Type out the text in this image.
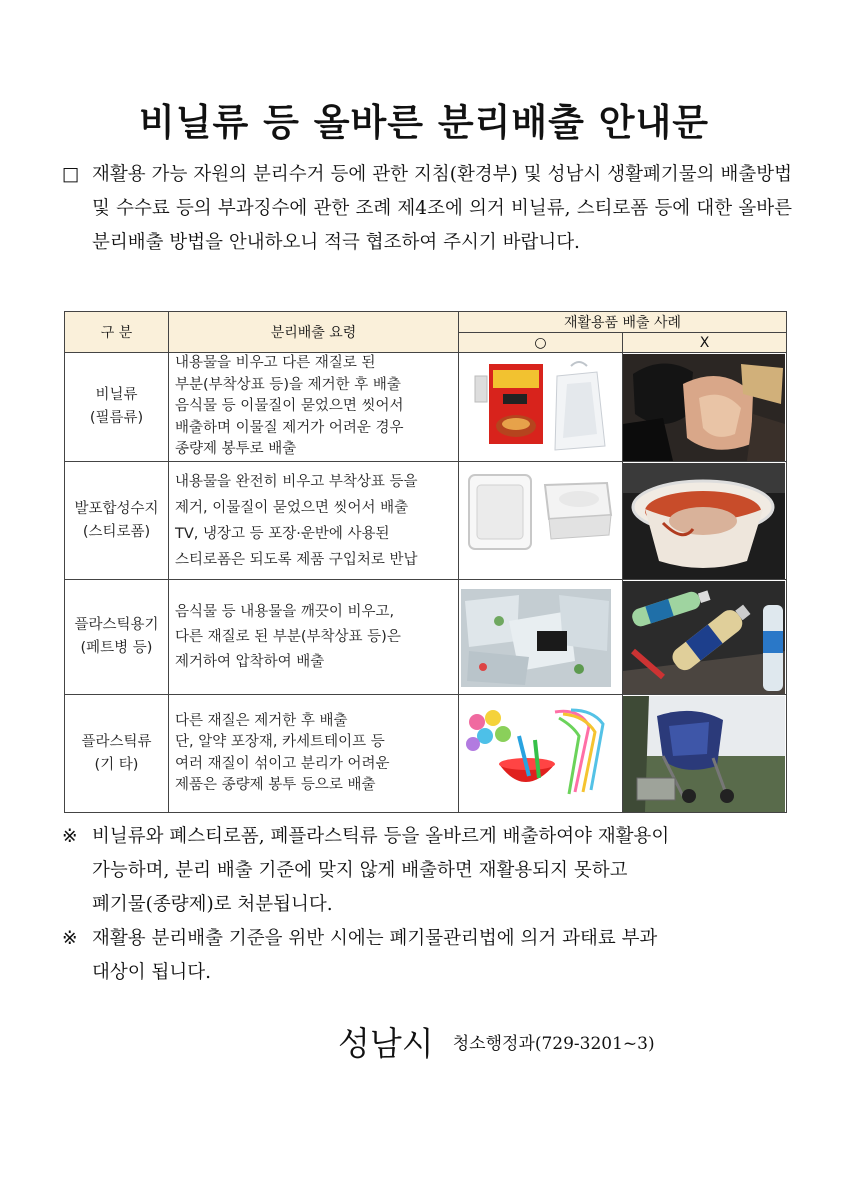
비닐류 등 올바른 분리배출 안내문
□ 재활용 가능 자원의 분리수거 등에 관한 지침(환경부) 및 성남시 생활폐기물의 배출방법 및 수수료 등의 부과징수에 관한 조례 제4조에 의거 비닐류, 스티로폼 등에 대한 올바른 분리배출 방법을 안내하오니 적극 협조하여 주시기 바랍니다.
구 분	분리배출 요령	재활용품 배출 사례	
		○	X

비닐류
(필름류)	내용물을 비우고 다른 재질로 된
부분(부착상표 등)을 제거한 후 배출
음식물 등 이물질이 묻었으면 씻어서
배출하며 이물질 제거가 어려운 경우
종량제 봉투로 배출

발포합성수지
(스티로폼)	내용물을 완전히 비우고 부착상표 등을
제거, 이물질이 묻었으면 씻어서 배출
TV, 냉장고 등 포장·운반에 사용된
스티로폼은 되도록 제품 구입처로 반납

플라스틱용기
(페트병 등)	음식물 등 내용물을 깨끗이 비우고,
다른 재질로 된 부분(부착상표 등)은
제거하여 압착하여 배출

플라스틱류
(기 타)	다른 재질은 제거한 후 배출
단, 알약 포장재, 카세트테이프 등
여러 재질이 섞이고 분리가 어려운
제품은 종량제 봉투 등으로 배출

※ 비닐류와 폐스티로폼, 폐플라스틱류 등을 올바르게 배출하여야 재활용이
가능하며, 분리 배출 기준에 맞지 않게 배출하면 재활용되지 못하고
폐기물(종량제)로 처분됩니다.
※ 재활용 분리배출 기준을 위반 시에는 폐기물관리법에 의거 과태료 부과
대상이 됩니다.
성남시 청소행정과(729-3201~3)
